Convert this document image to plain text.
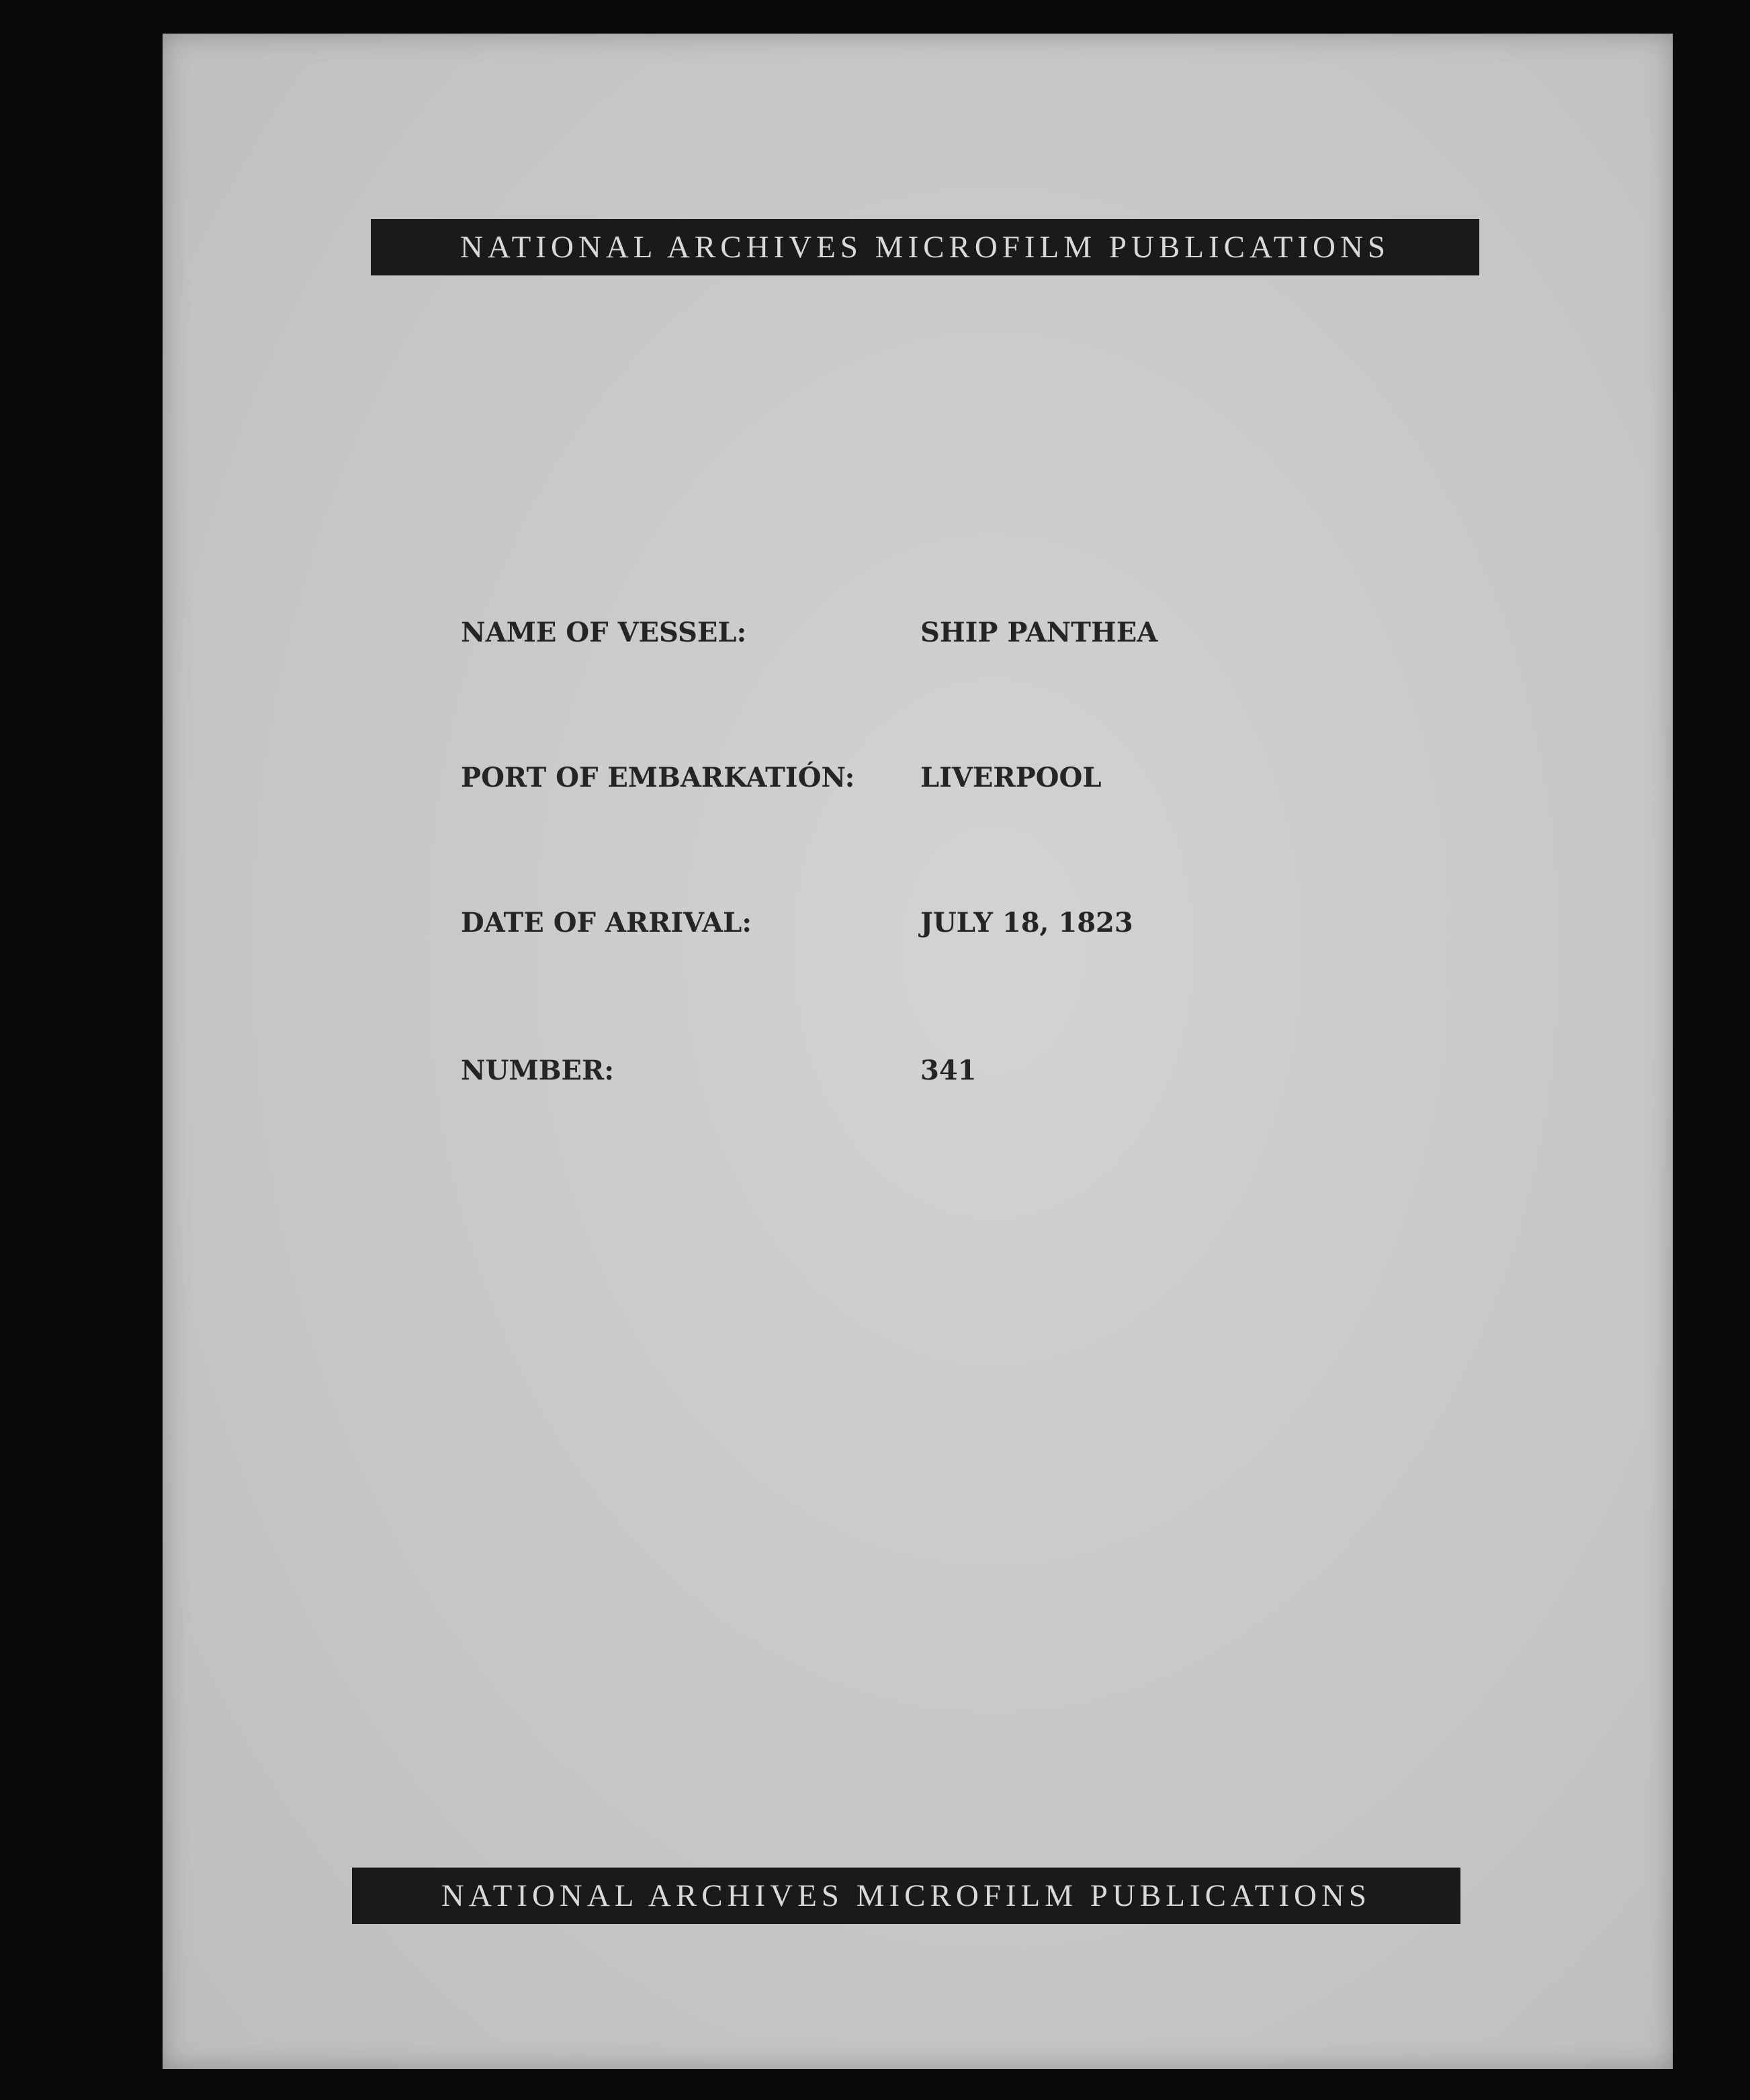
NATIONAL ARCHIVES MICROFILM PUBLICATIONS
NAME OF VESSEL:	SHIP PANTHEA
PORT OF EMBARKATIÓN: LIVERPOOL
DATE OF ARRIVAL:	JULY 18, 1823
NUMBER:	341
NATIONAL ARCHIVES MICROFILM PUBLICATIONS
